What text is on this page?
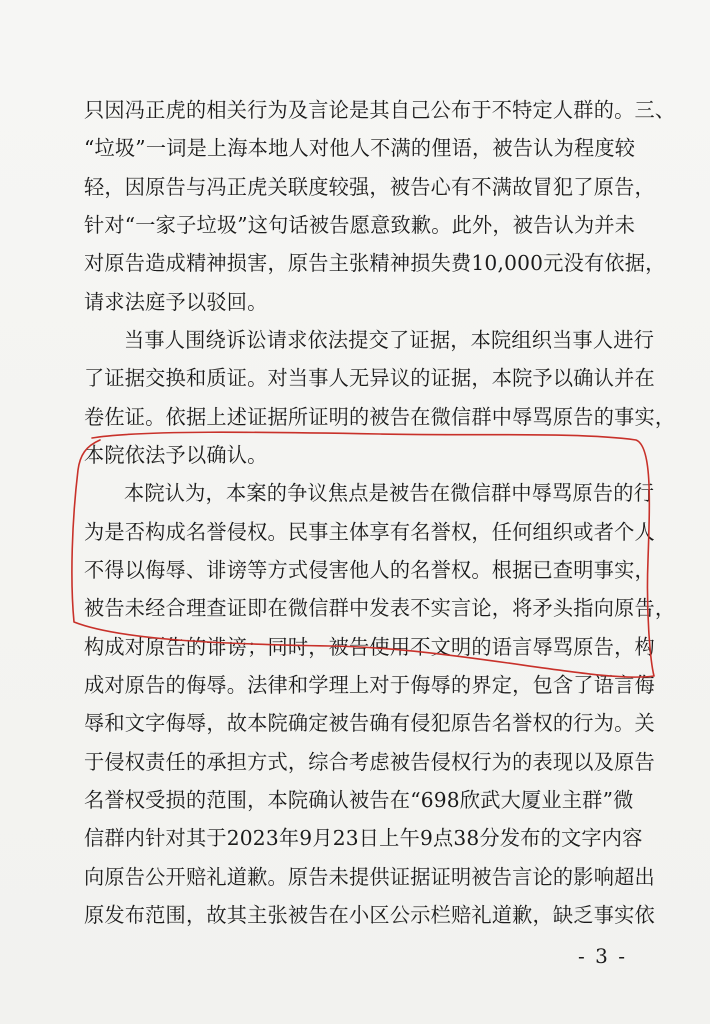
只因冯正虎的相关行为及言论是其自己公布于不特定人群的。三、
“垃圾”一词是上海本地人对他人不满的俚语，被告认为程度较
轻，因原告与冯正虎关联度较强，被告心有不满故冒犯了原告，
针对“一家子垃圾”这句话被告愿意致歉。此外，被告认为并未
对原告造成精神损害，原告主张精神损失费10,000元没有依据，
请求法庭予以驳回。
当事人围绕诉讼请求依法提交了证据，本院组织当事人进行
了证据交换和质证。对当事人无异议的证据，本院予以确认并在
卷佐证。依据上述证据所证明的被告在微信群中辱骂原告的事实，
本院依法予以确认。
本院认为，本案的争议焦点是被告在微信群中辱骂原告的行
为是否构成名誉侵权。民事主体享有名誉权，任何组织或者个人
不得以侮辱、诽谤等方式侵害他人的名誉权。根据已查明事实，
被告未经合理查证即在微信群中发表不实言论，将矛头指向原告，
构成对原告的诽谤；同时，被告使用不文明的语言辱骂原告，构
成对原告的侮辱。法律和学理上对于侮辱的界定，包含了语言侮
辱和文字侮辱，故本院确定被告确有侵犯原告名誉权的行为。关
于侵权责任的承担方式，综合考虑被告侵权行为的表现以及原告
名誉权受损的范围，本院确认被告在“698欣武大厦业主群”微
信群内针对其于2023年9月23日上午9点38分发布的文字内容
向原告公开赔礼道歉。原告未提供证据证明被告言论的影响超出
原发布范围，故其主张被告在小区公示栏赔礼道歉，缺乏事实依
- 3 -
